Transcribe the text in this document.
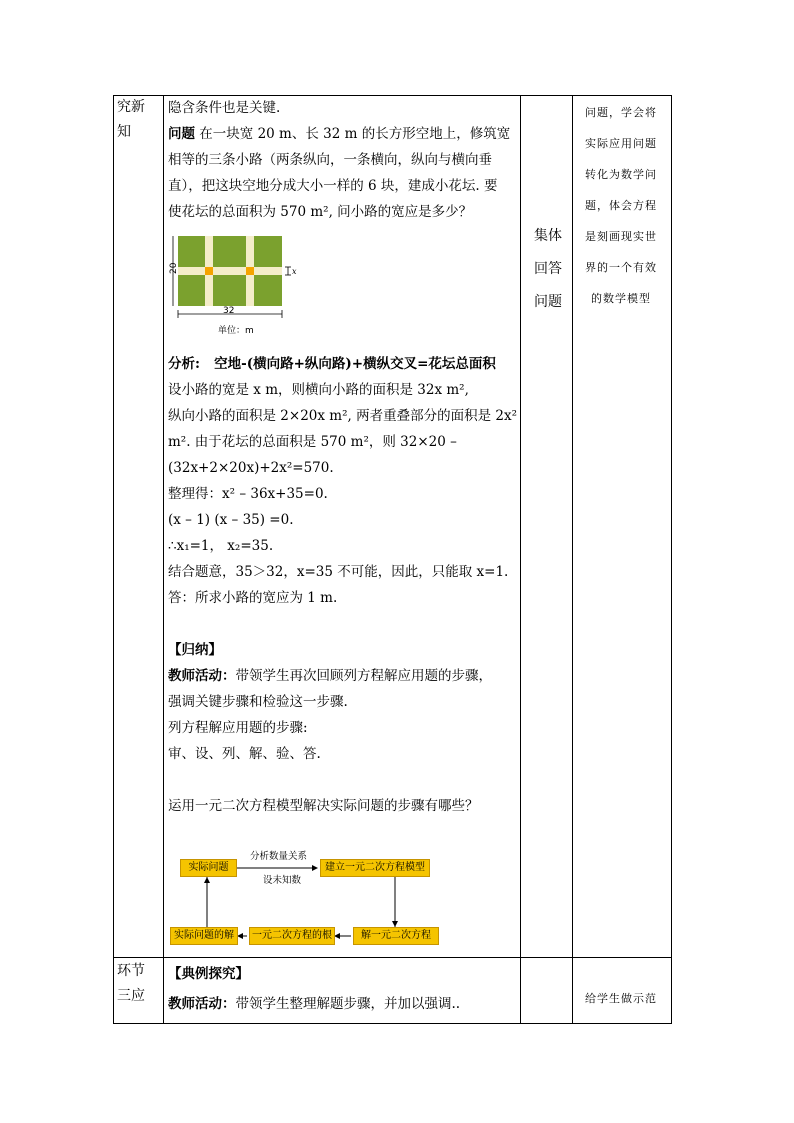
究新
知
环节
三应

隐含条件也是关键.

问题 在一块宽 20 m、长 32 m 的长方形空地上，修筑宽

相等的三条小路（两条纵向，一条横向，纵向与横向垂

直），把这块空地分成大小一样的 6 块，建成小花坛. 要

使花坛的总面积为 570 m², 问小路的宽应是多少？

20
32
x
单位：m

分析: 空地-(横向路+纵向路)+横纵交叉=花坛总面积

设小路的宽是 x m，则横向小路的面积是 32x m²,

纵向小路的面积是 2×20x m², 两者重叠部分的面积是 2x²

m². 由于花坛的总面积是 570 m²，则 32×20 –

(32x+2×20x)+2x²=570.

整理得：x² – 36x+35=0.

(x – 1) (x – 35) =0.

∴x₁=1， x₂=35.

结合题意，35＞32，x=35 不可能，因此，只能取 x=1.

答：所求小路的宽应为 1 m.

【归纳】

教师活动：带领学生再次回顾列方程解应用题的步骤，

强调关键步骤和检验这一步骤.

列方程解应用题的步骤:

审、设、列、解、验、答.

运用一元二次方程模型解决实际问题的步骤有哪些？

实际问题	建立一元二次方程模型
解一元二次方程
一元二次方程的根
实际问题的解
分析数量关系
设未知数

【典例探究】

教师活动：带领学生整理解题步骤，并加以强调..

集体
回答
问题
问题，学会将
实际应用问题
转化为数学问
题，体会方程
是刻画现实世
界的一个有效
的数学模型
给学生做示范
